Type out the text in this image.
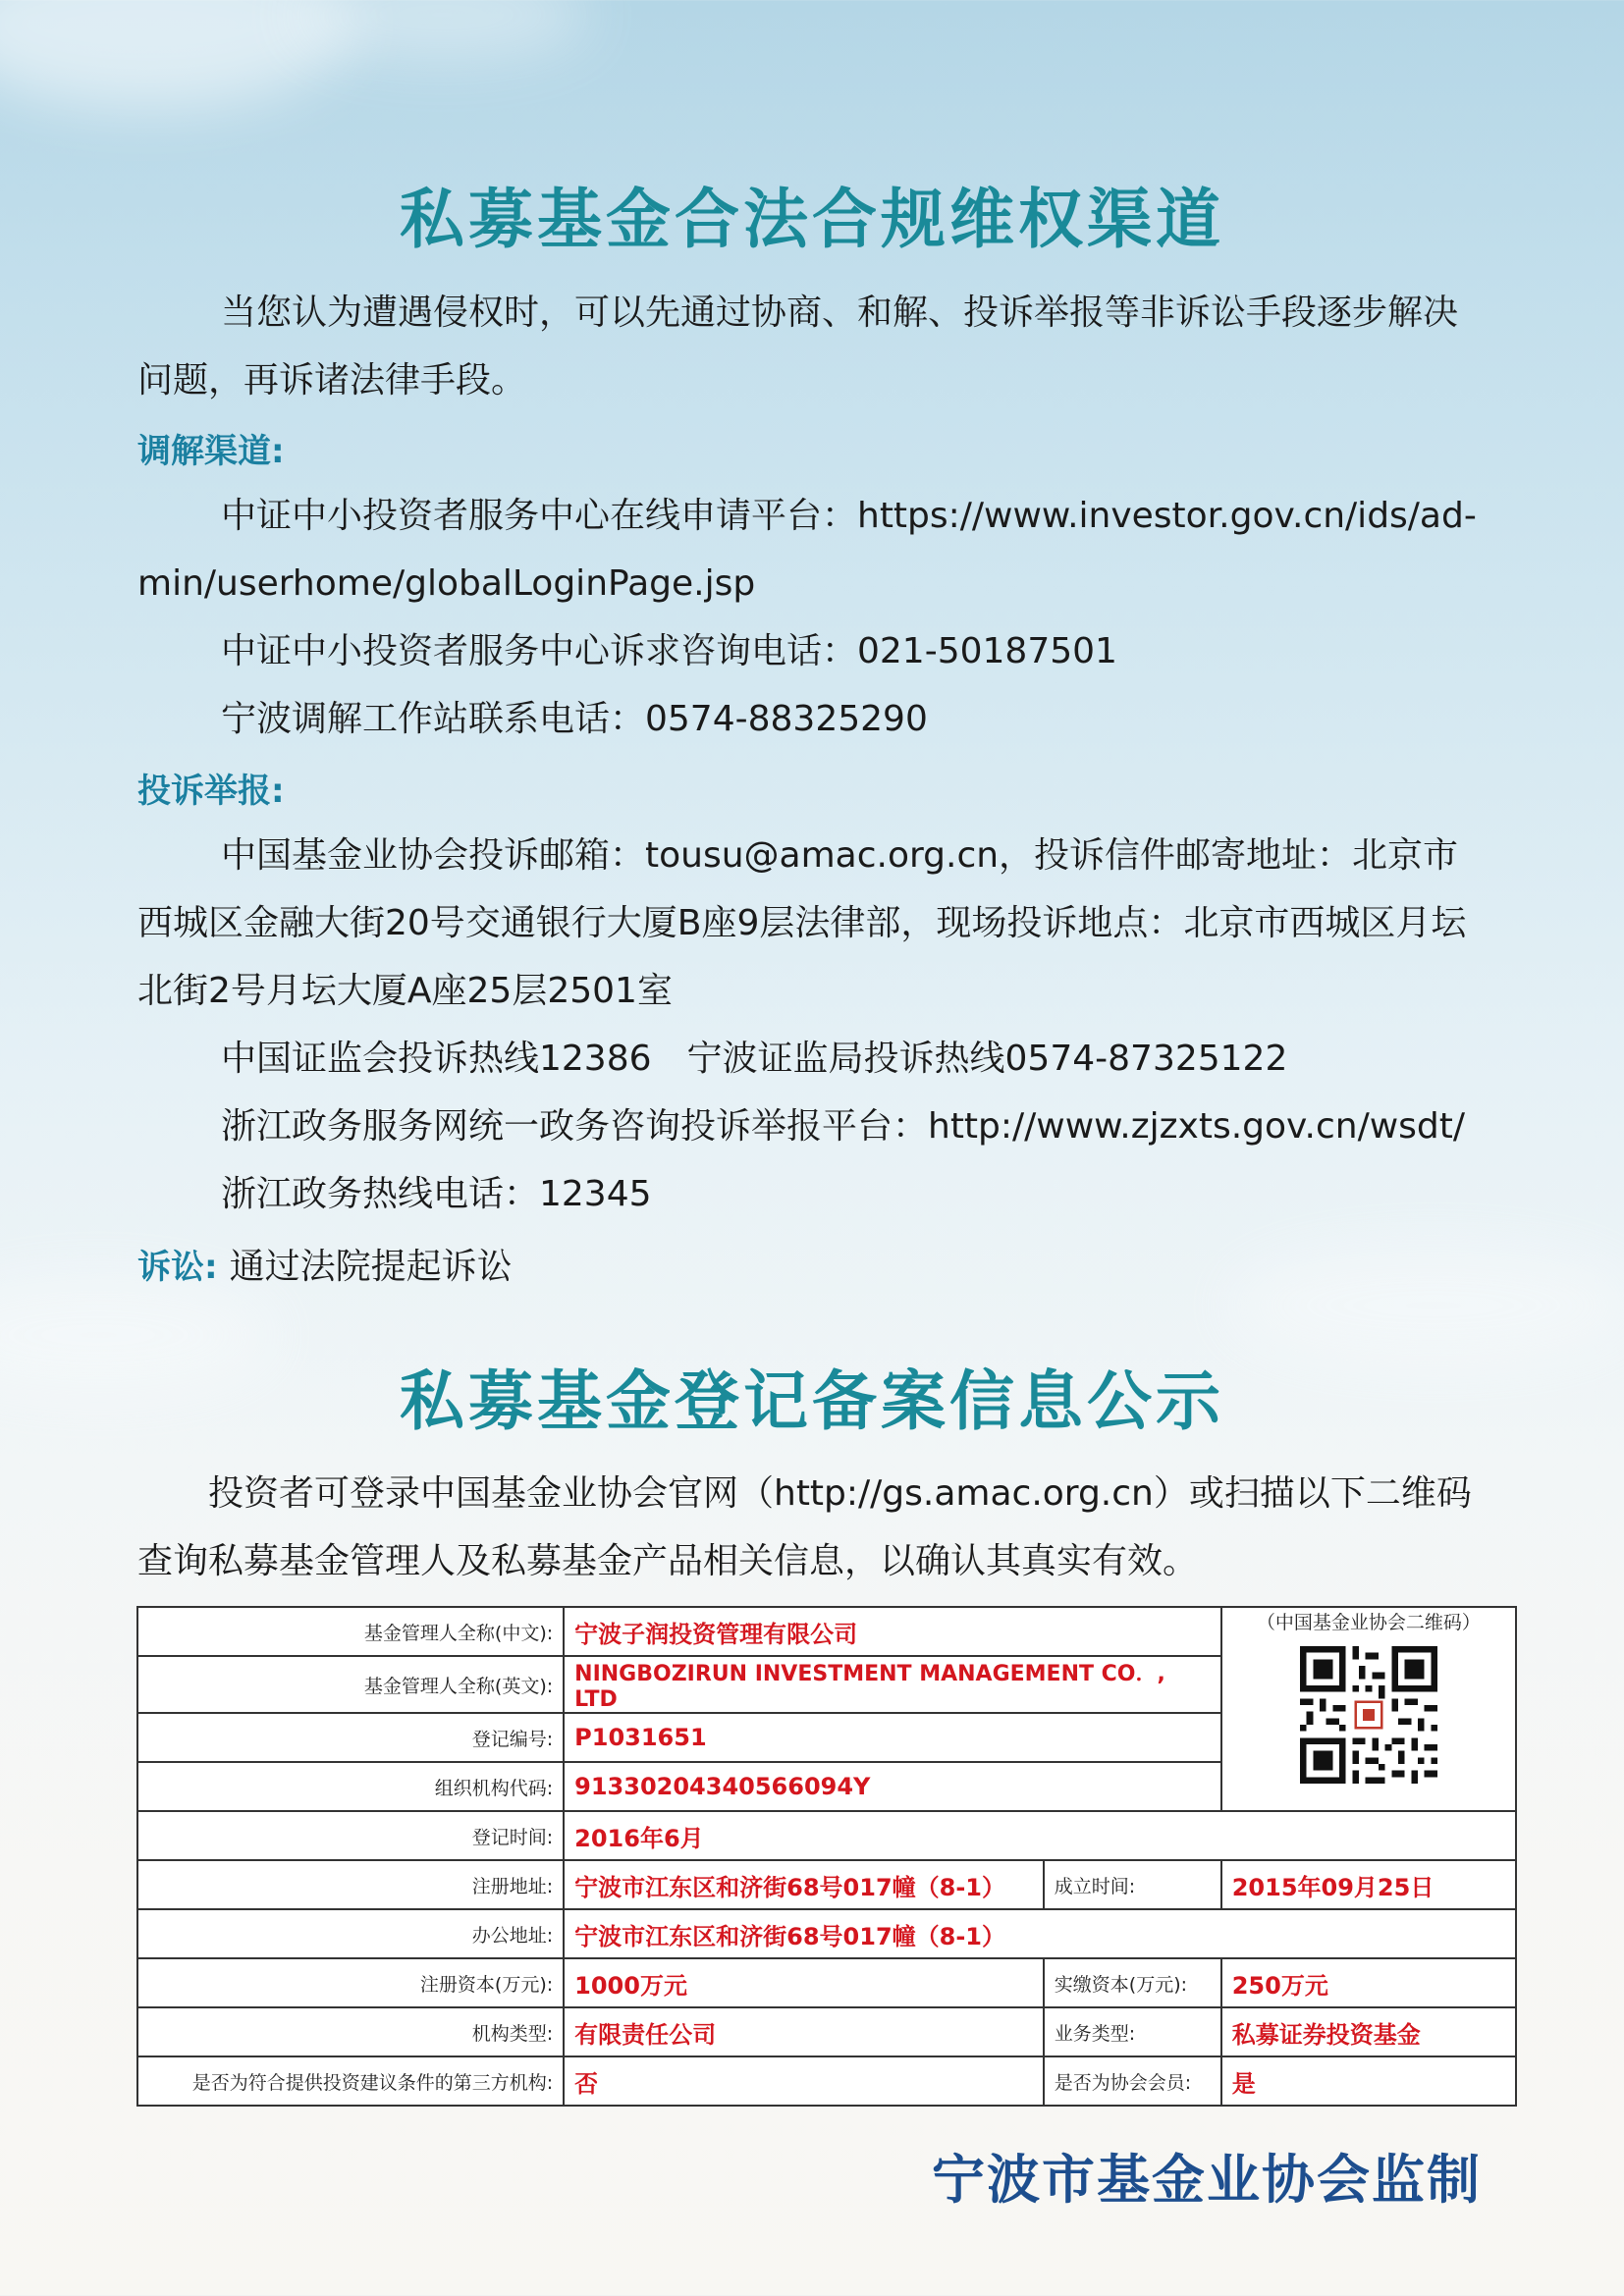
私募基金合法合规维权渠道
当您认为遭遇侵权时，可以先通过协商、和解、投诉举报等非诉讼手段逐步解决
问题，再诉诸法律手段。
调解渠道:
中证中小投资者服务中心在线申请平台：https://www.investor.gov.cn/ids/ad-
min/userhome/globalLoginPage.jsp
中证中小投资者服务中心诉求咨询电话：021-50187501
宁波调解工作站联系电话：0574-88325290
投诉举报:
中国基金业协会投诉邮箱：tousu@amac.org.cn，投诉信件邮寄地址：北京市
西城区金融大街20号交通银行大厦B座9层法律部，现场投诉地点：北京市西城区月坛
北街2号月坛大厦A座25层2501室
中国证监会投诉热线12386　宁波证监局投诉热线0574-87325122
浙江政务服务网统一政务咨询投诉举报平台：http://www.zjzxts.gov.cn/wsdt/
浙江政务热线电话：12345
诉讼: 通过法院提起诉讼
私募基金登记备案信息公示
投资者可登录中国基金业协会官网（http://gs.amac.org.cn）或扫描以下二维码
查询私募基金管理人及私募基金产品相关信息，以确认其真实有效。
基金管理人全称(中文):	宁波子润投资管理有限公司		（中国基金业协会二维码）

基金管理人全称(英文):	NINGBOZIRUN INVESTMENT MANAGEMENT CO．, LTD		
登记编号:	P1031651		
组织机构代码:	91330204340566094Y		
登记时间:	2016年6月		
注册地址:	宁波市江东区和济街68号017幢（8-1）	成立时间:	2015年09月25日
办公地址:	宁波市江东区和济街68号017幢（8-1）		
注册资本(万元):	1000万元	实缴资本(万元):	250万元
机构类型:	有限责任公司	业务类型:	私募证券投资基金
是否为符合提供投资建议条件的第三方机构:	否	是否为协会会员:	是
宁波市基金业协会监制
